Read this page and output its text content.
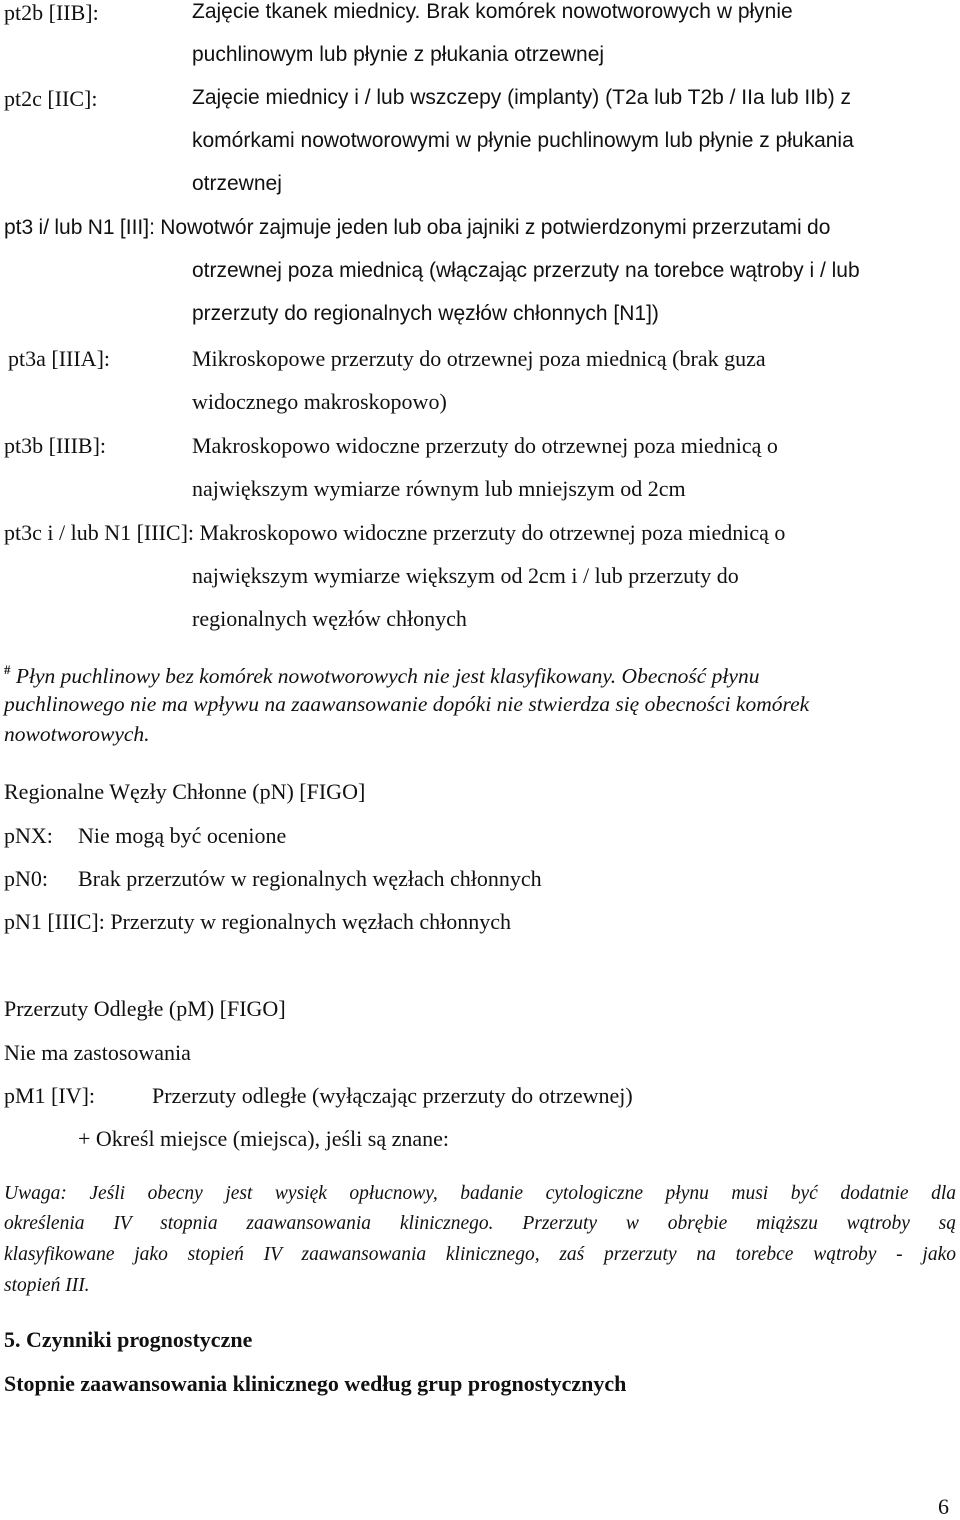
pt2b [IIB]:	Zajęcie tkanek miednicy. Brak komórek nowotworowych w płynie
puchlinowym lub płynie z płukania otrzewnej
pt2c [IIC]:	Zajęcie miednicy i / lub wszczepy (implanty) (T2a lub T2b / IIa lub IIb) z
komórkami nowotworowymi w płynie puchlinowym lub płynie z płukania
otrzewnej
pt3 i/ lub N1 [III]: Nowotwór zajmuje jeden lub oba jajniki z potwierdzonymi przerzutami do
otrzewnej poza miednicą (włączając przerzuty na torebce wątroby i / lub
przerzuty do regionalnych węzłów chłonnych [N1])
pt3a [IIIA]:	Mikroskopowe przerzuty do otrzewnej poza miednicą (brak guza
widocznego makroskopowo)
pt3b [IIIB]:	Makroskopowo widoczne przerzuty do otrzewnej poza miednicą o
największym wymiarze równym lub mniejszym od 2cm
pt3c i / lub N1 [IIIC]: Makroskopowo widoczne przerzuty do otrzewnej poza miednicą o
największym wymiarze większym od 2cm i / lub przerzuty do
regionalnych węzłów chłonych
# Płyn puchlinowy bez komórek nowotworowych nie jest klasyfikowany. Obecność płynu
puchlinowego nie ma wpływu na zaawansowanie dopóki nie stwierdza się obecności komórek
nowotworowych.
Regionalne Węzły Chłonne (pN) [FIGO]
pNX: Nie mogą być ocenione
pN0: Brak przerzutów w regionalnych węzłach chłonnych
pN1 [IIIC]: Przerzuty w regionalnych węzłach chłonnych
Przerzuty Odległe (pM) [FIGO]
Nie ma zastosowania
pM1 [IV]:	Przerzuty odległe (wyłączając przerzuty do otrzewnej)
+ Określ miejsce (miejsca), jeśli są znane:
Uwaga: Jeśli obecny jest wysięk opłucnowy, badanie cytologiczne płynu musi być dodatnie dla
określenia IV stopnia zaawansowania klinicznego. Przerzuty w obrębie miąższu wątroby są
klasyfikowane jako stopień IV zaawansowania klinicznego, zaś przerzuty na torebce wątroby - jako
stopień III.
5. Czynniki prognostyczne
Stopnie zaawansowania klinicznego według grup prognostycznych
6
